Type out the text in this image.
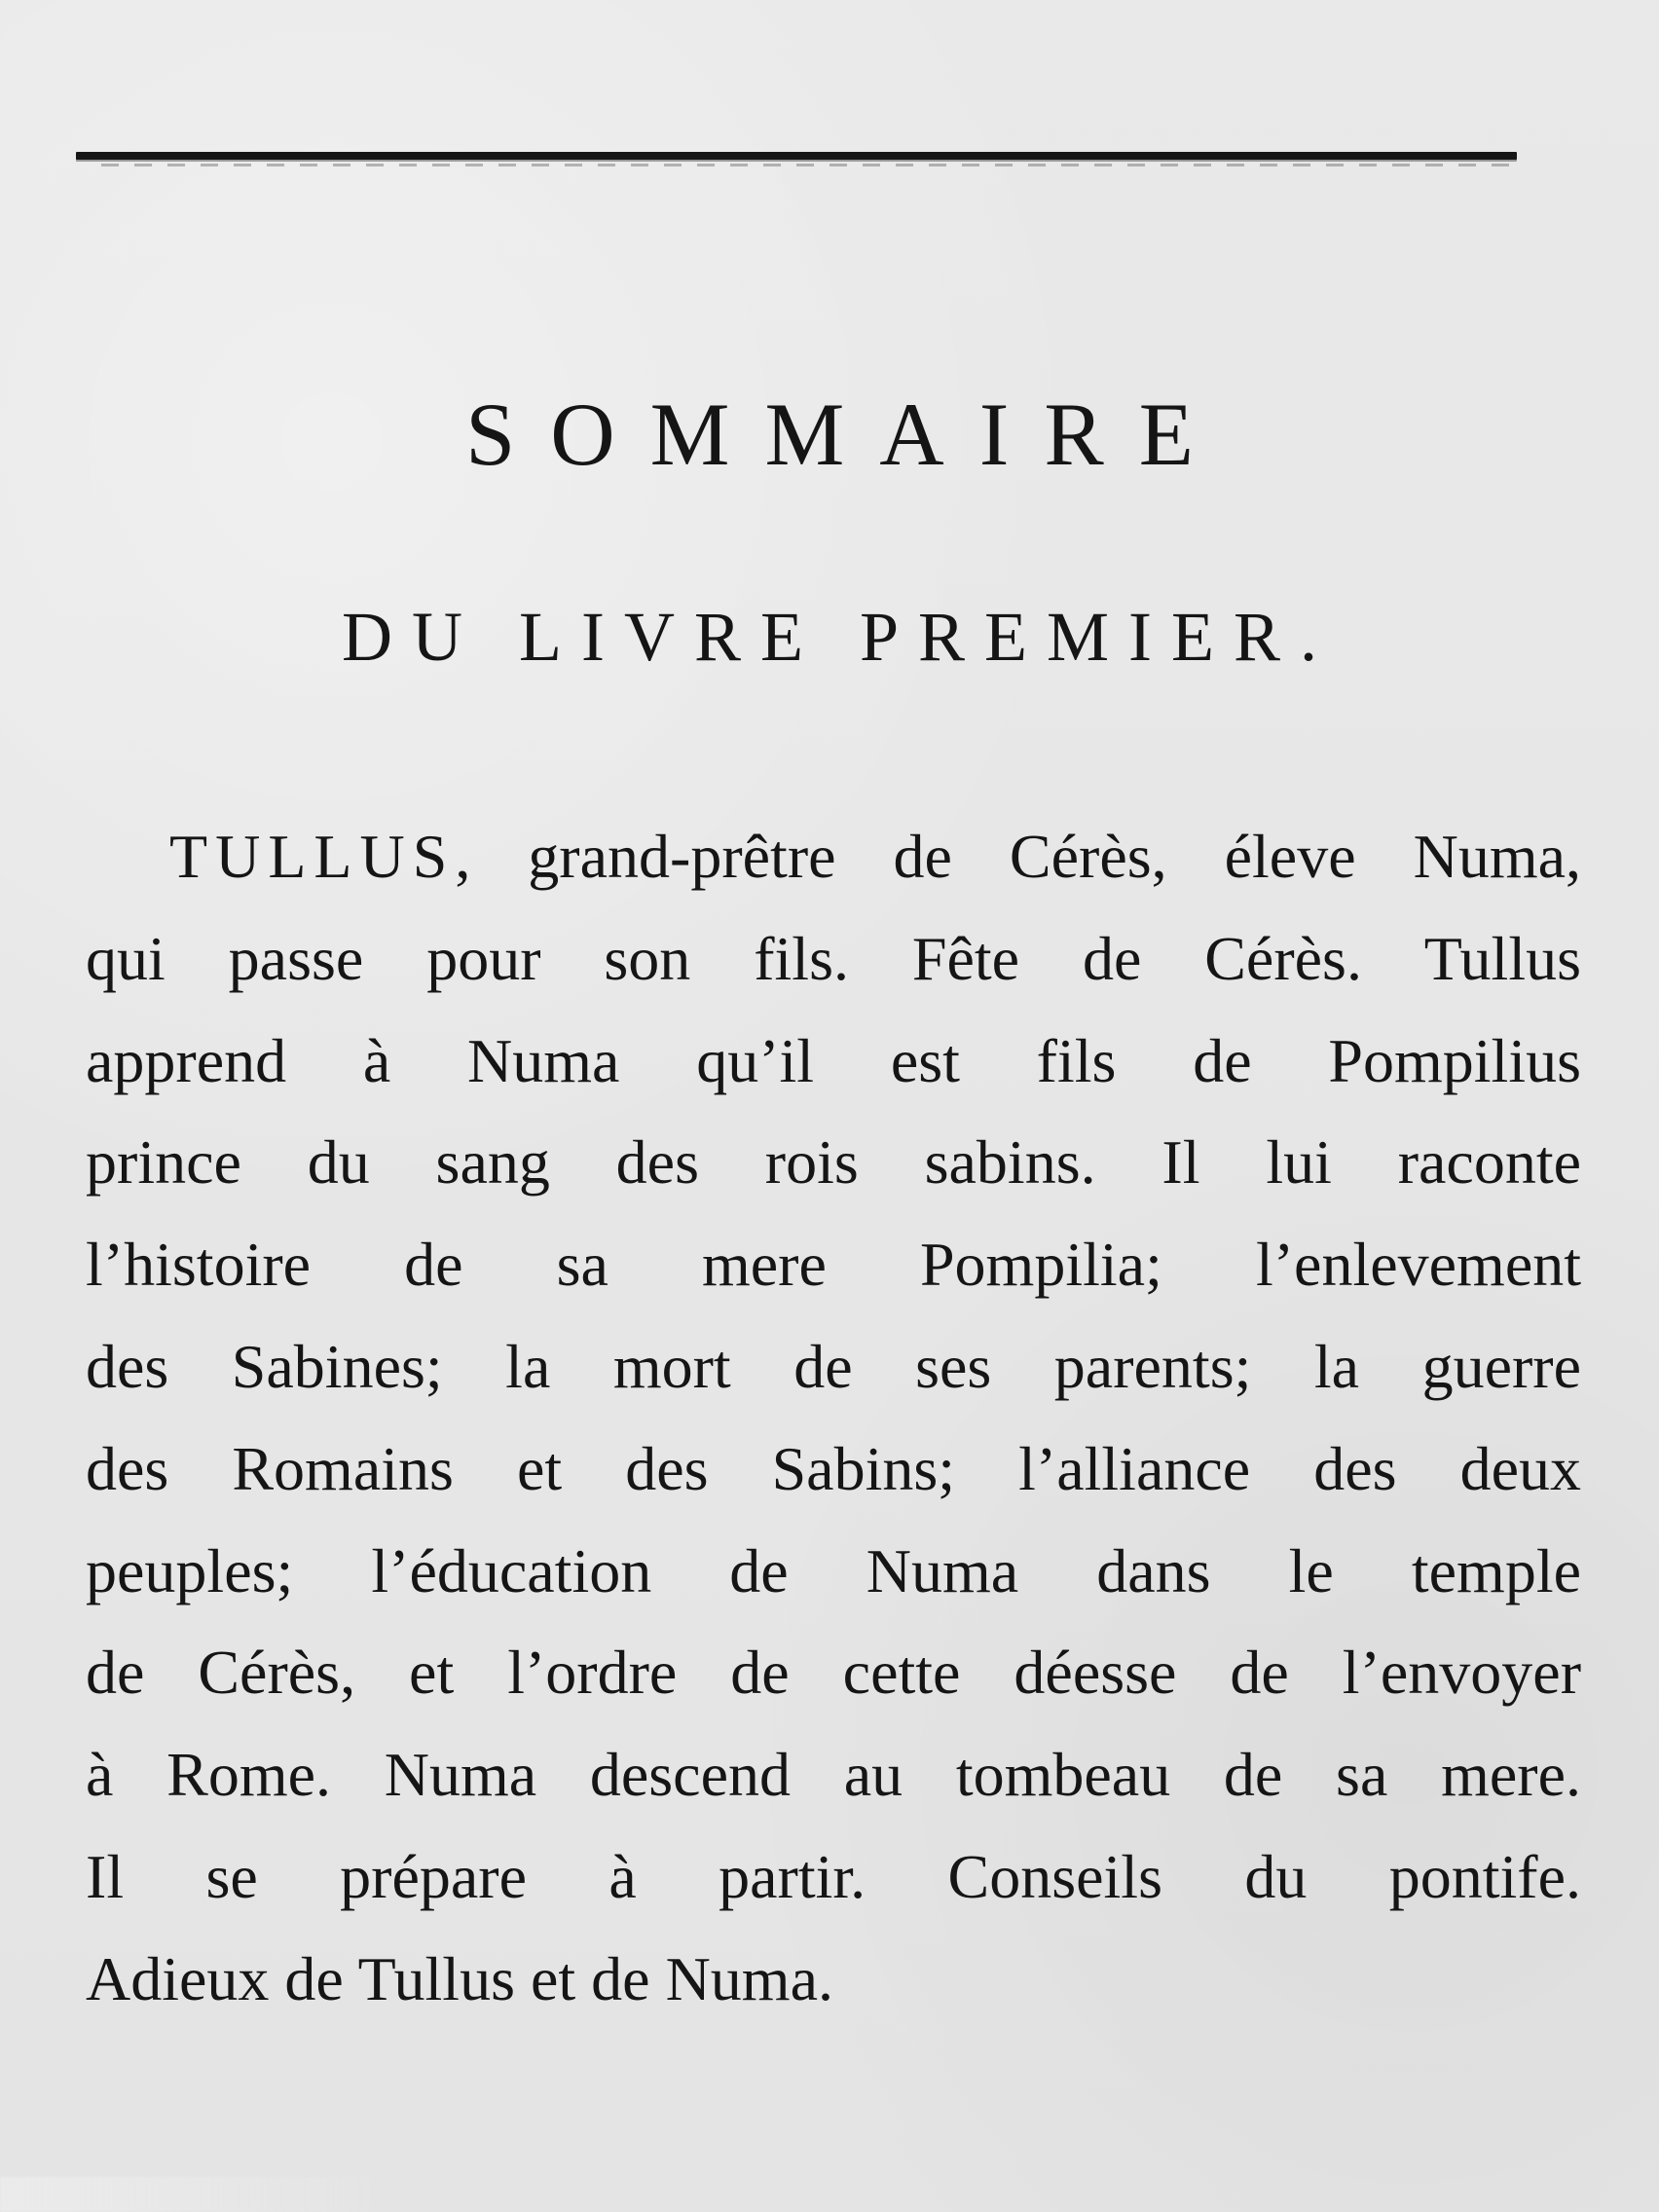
SOMMAIRE
DU LIVRE PREMIER.

TULLUS, grand-prêtre de Cérès, éleve Numa,
qui passe pour son fils. Fête de Cérès. Tullus
apprend à Numa qu’il est fils de Pompilius
prince du sang des rois sabins. Il lui raconte
l’histoire de sa mere Pompilia; l’enlevement
des Sabines; la mort de ses parents; la guerre
des Romains et des Sabins; l’alliance des deux
peuples; l’éducation de Numa dans le temple
de Cérès, et l’ordre de cette déesse de l’envoyer
à Rome. Numa descend au tombeau de sa mere.
Il se prépare à partir. Conseils du pontife.
Adieux de Tullus et de Numa.
